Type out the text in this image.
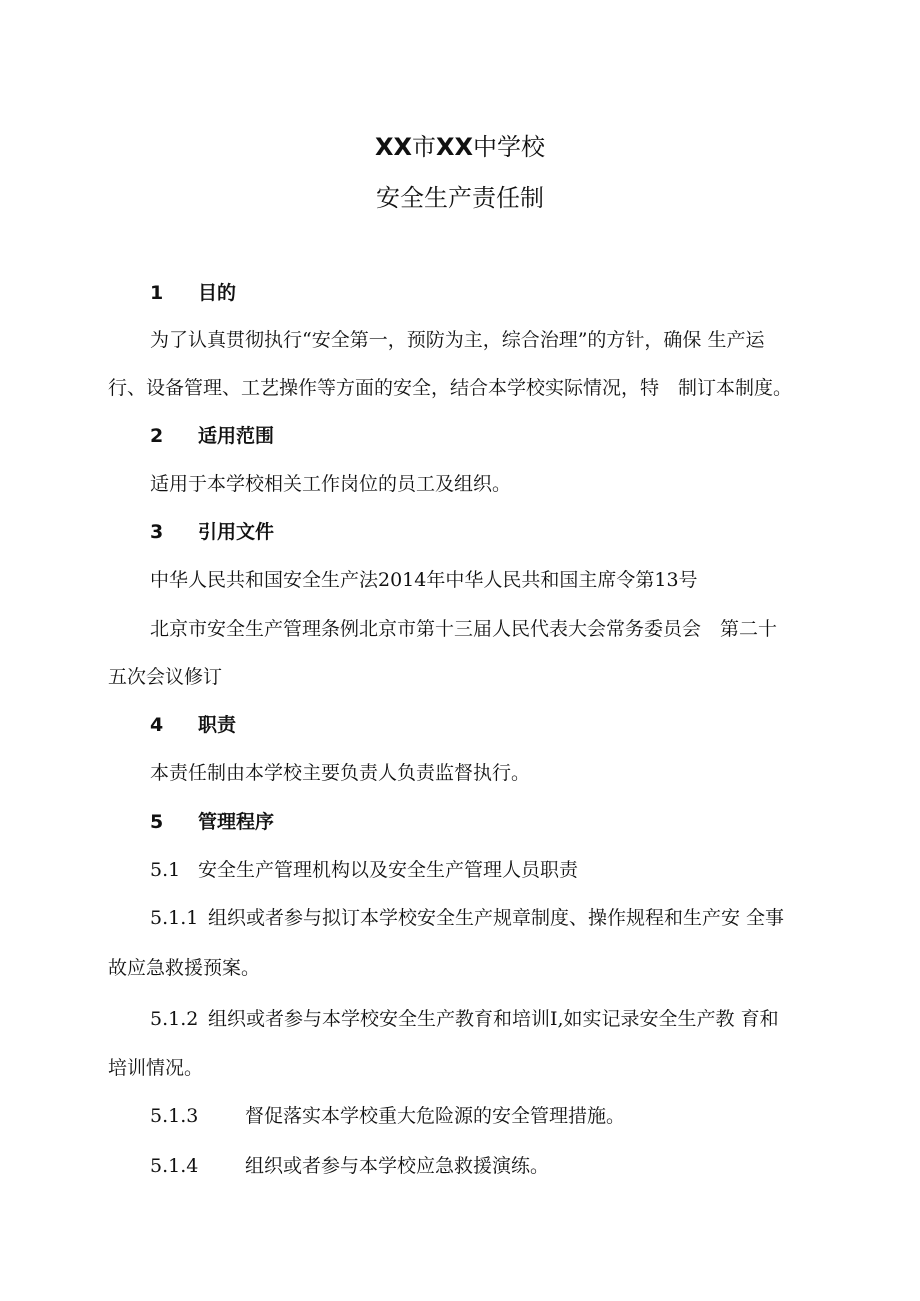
XX市XX中学校
安全生产责任制
1 目的
为了认真贯彻执行“安全第一，预防为主，综合治理”的方针，确保 生产运
行、设备管理、工艺操作等方面的安全，结合本学校实际情况，特　制订本制度。
2 适用范围
适用于本学校相关工作岗位的员工及组织。
3 引用文件
中华人民共和国安全生产法2014年中华人民共和国主席令第13号
北京市安全生产管理条例北京市第十三届人民代表大会常务委员会　第二十
五次会议修订
4 职责
本责任制由本学校主要负责人负责监督执行。
5 管理程序
5.1 安全生产管理机构以及安全生产管理人员职责
5.1.1 组织或者参与拟订本学校安全生产规章制度、操作规程和生产安 全事
故应急救援预案。
5.1.2 组织或者参与本学校安全生产教育和培训I,如实记录安全生产教 育和
培训情况。
5.1.3 督促落实本学校重大危险源的安全管理措施。
5.1.4 组织或者参与本学校应急救援演练。
